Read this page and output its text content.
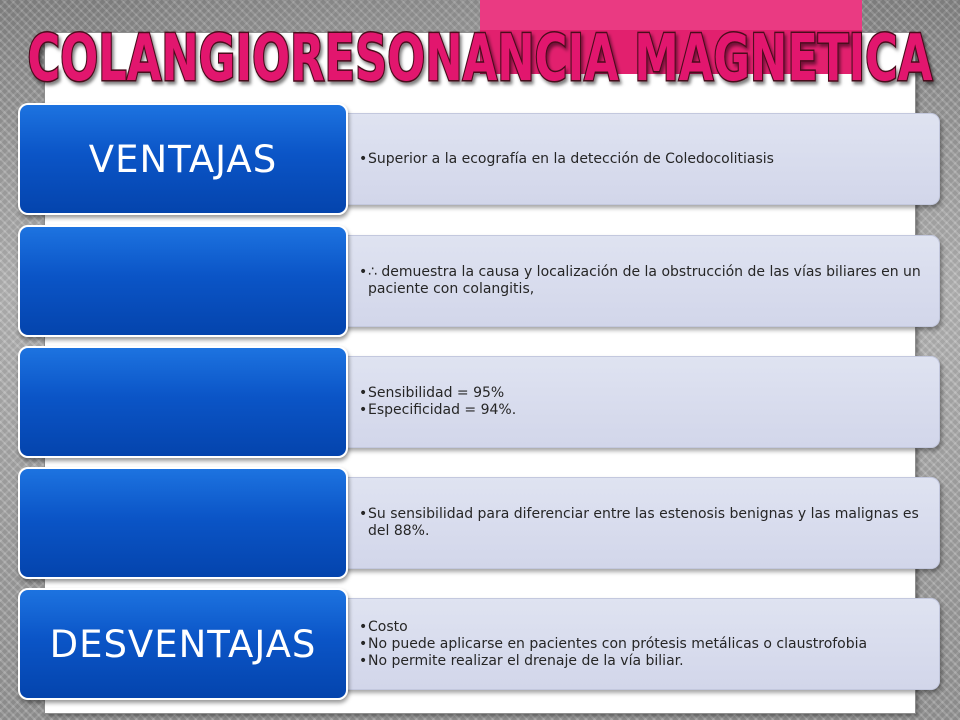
COLANGIORESONANCIA MAGNETICA
• Superior a la ecografía en la detección de Coledocolitiasis
VENTAJAS
• ∴ demuestra la causa y localización de la obstrucción de las vías biliares en un paciente con colangitis,
• Sensibilidad = 95%
• Especificidad = 94%.
• Su sensibilidad para diferenciar entre las estenosis benignas y las malignas es del 88%.
• Costo
• No puede aplicarse en pacientes con prótesis metálicas o claustrofobia
• No permite realizar el drenaje de la vía biliar.
DESVENTAJAS
